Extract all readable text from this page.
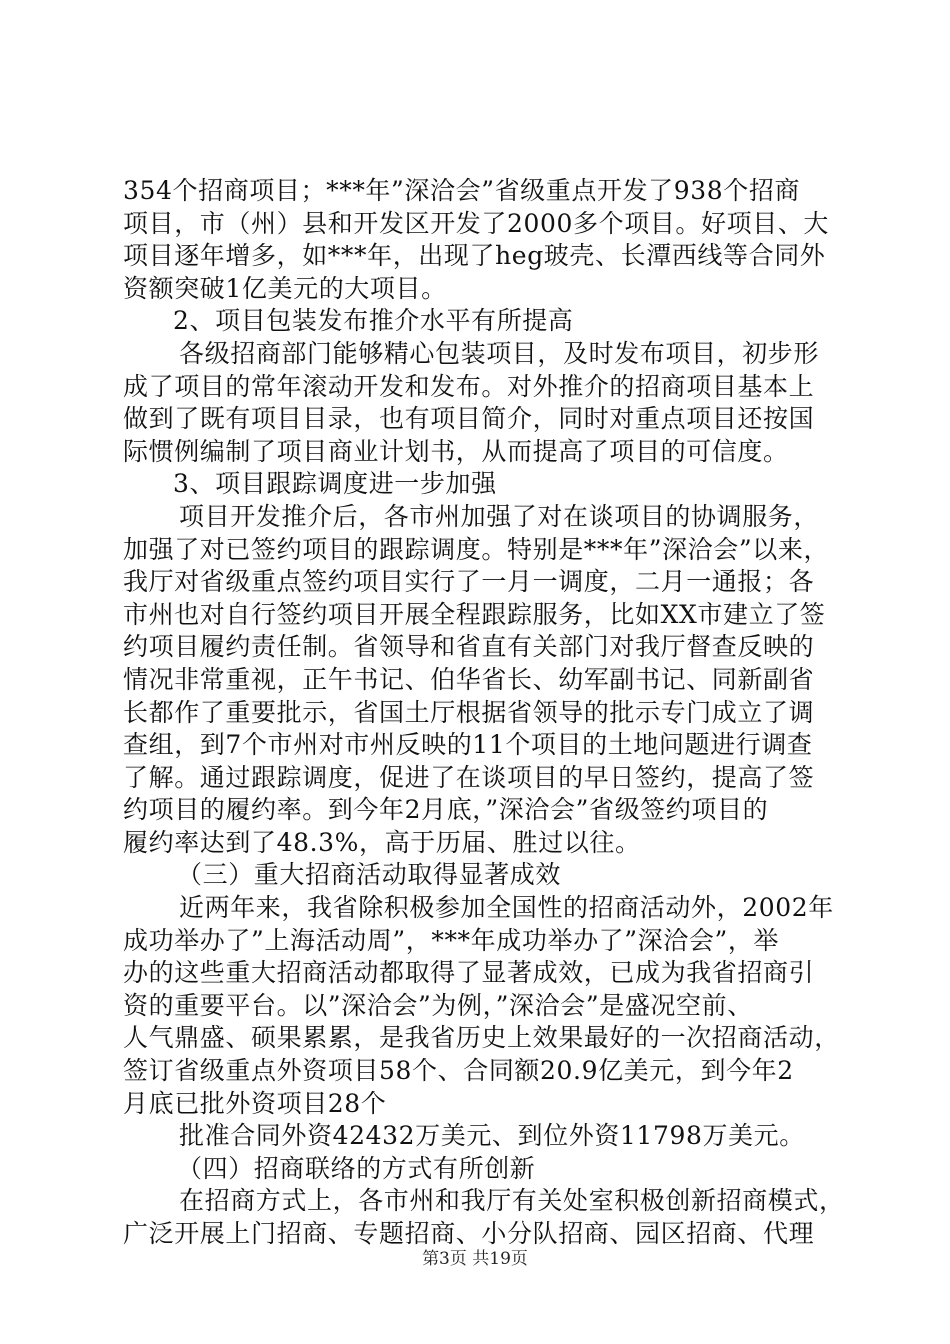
354个招商项目；***年”深洽会”省级重点开发了938个招商
项目，市（州）县和开发区开发了2000多个项目。好项目、大
项目逐年增多，如***年，出现了heg玻壳、长潭西线等合同外
资额突破1亿美元的大项目。
2、项目包装发布推介水平有所提高
各级招商部门能够精心包装项目，及时发布项目，初步形
成了项目的常年滚动开发和发布。对外推介的招商项目基本上
做到了既有项目目录，也有项目简介，同时对重点项目还按国
际惯例编制了项目商业计划书，从而提高了项目的可信度。
3、项目跟踪调度进一步加强
项目开发推介后，各市州加强了对在谈项目的协调服务，
加强了对已签约项目的跟踪调度。特别是***年”深洽会”以来，
我厅对省级重点签约项目实行了一月一调度，二月一通报；各
市州也对自行签约项目开展全程跟踪服务，比如XX市建立了签
约项目履约责任制。省领导和省直有关部门对我厅督查反映的
情况非常重视，正午书记、伯华省长、幼军副书记、同新副省
长都作了重要批示，省国土厅根据省领导的批示专门成立了调
查组，到7个市州对市州反映的11个项目的土地问题进行调查
了解。通过跟踪调度，促进了在谈项目的早日签约，提高了签
约项目的履约率。到今年2月底，”深洽会”省级签约项目的
履约率达到了48.3%，高于历届、胜过以往。
（三）重大招商活动取得显著成效
近两年来，我省除积极参加全国性的招商活动外，2002年
成功举办了”上海活动周”，***年成功举办了”深洽会”，举
办的这些重大招商活动都取得了显著成效，已成为我省招商引
资的重要平台。以”深洽会”为例，”深洽会”是盛况空前、
人气鼎盛、硕果累累，是我省历史上效果最好的一次招商活动，
签订省级重点外资项目58个、合同额20.9亿美元，到今年2
月底已批外资项目28个
批准合同外资42432万美元、到位外资11798万美元。
（四）招商联络的方式有所创新
在招商方式上，各市州和我厅有关处室积极创新招商模式，
广泛开展上门招商、专题招商、小分队招商、园区招商、代理
第3页 共19页
